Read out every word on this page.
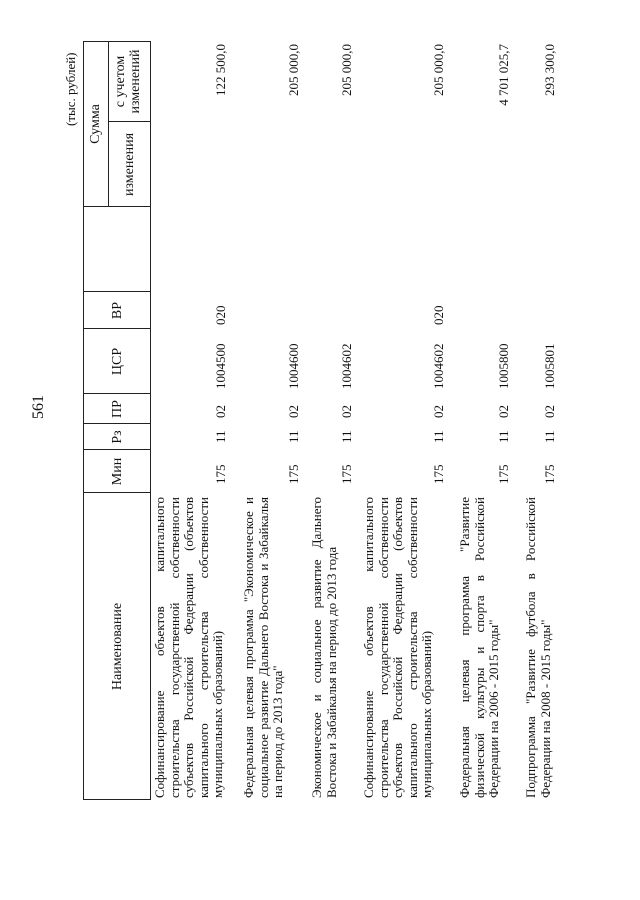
561
(тыс. рублей)
Наименование
Мин
Рз
ПР
ЦСР
ВР
Сумма
изменения
с учетом изменений
Софинансирование объектов капитального строительства государственной собственности субъектов Российской Федерации (объектов капитального строительства собственности муниципальных образований)
175
11
02
1004500
020
122 500,0
Федеральная целевая программа "Экономическое и социальное развитие Дальнего Востока и Забайкалья на период до 2013 года"
175
11
02
1004600
205 000,0
Экономическое и социальное развитие Дальнего Востока и Забайкалья на период до 2013 года
175
11
02
1004602
205 000,0
Софинансирование объектов капитального строительства государственной собственности субъектов Российской Федерации (объектов капитального строительства собственности муниципальных образований)
175
11
02
1004602
020
205 000,0
Федеральная целевая программа "Развитие физической культуры и спорта в Российской Федерации на 2006 - 2015 годы"
175
11
02
1005800
4 701 025,7
Подпрограмма "Развитие футбола в Российской Федерации на 2008 - 2015 годы"
175
11
02
1005801
293 300,0
